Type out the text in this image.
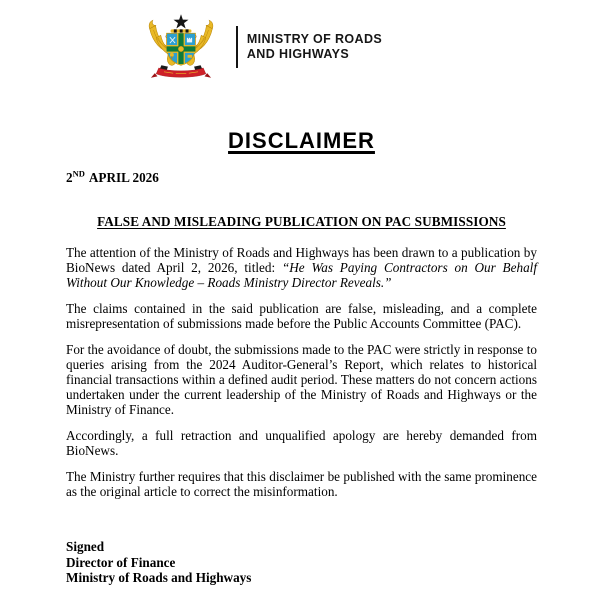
MINISTRY OF ROADS
AND HIGHWAYS
DISCLAIMER
2ND APRIL 2026
FALSE AND MISLEADING PUBLICATION ON PAC SUBMISSIONS

The attention of the Ministry of Roads and Highways has been drawn to a publication by BioNews dated April 2, 2026, titled: “He Was Paying Contractors on Our Behalf Without Our Knowledge – Roads Ministry Director Reveals.”

The claims contained in the said publication are false, misleading, and a complete misrepresentation of submissions made before the Public Accounts Committee (PAC).

For the avoidance of doubt, the submissions made to the PAC were strictly in response to queries arising from the 2024 Auditor-General’s Report, which relates to historical financial transactions within a defined audit period. These matters do not concern actions undertaken under the current leadership of the Ministry of Roads and Highways or the Ministry of Finance.

Accordingly, a full retraction and unqualified apology are hereby demanded from BioNews.

The Ministry further requires that this disclaimer be published with the same prominence as the original article to correct the misinformation.

Signed
Director of Finance
Ministry of Roads and Highways
